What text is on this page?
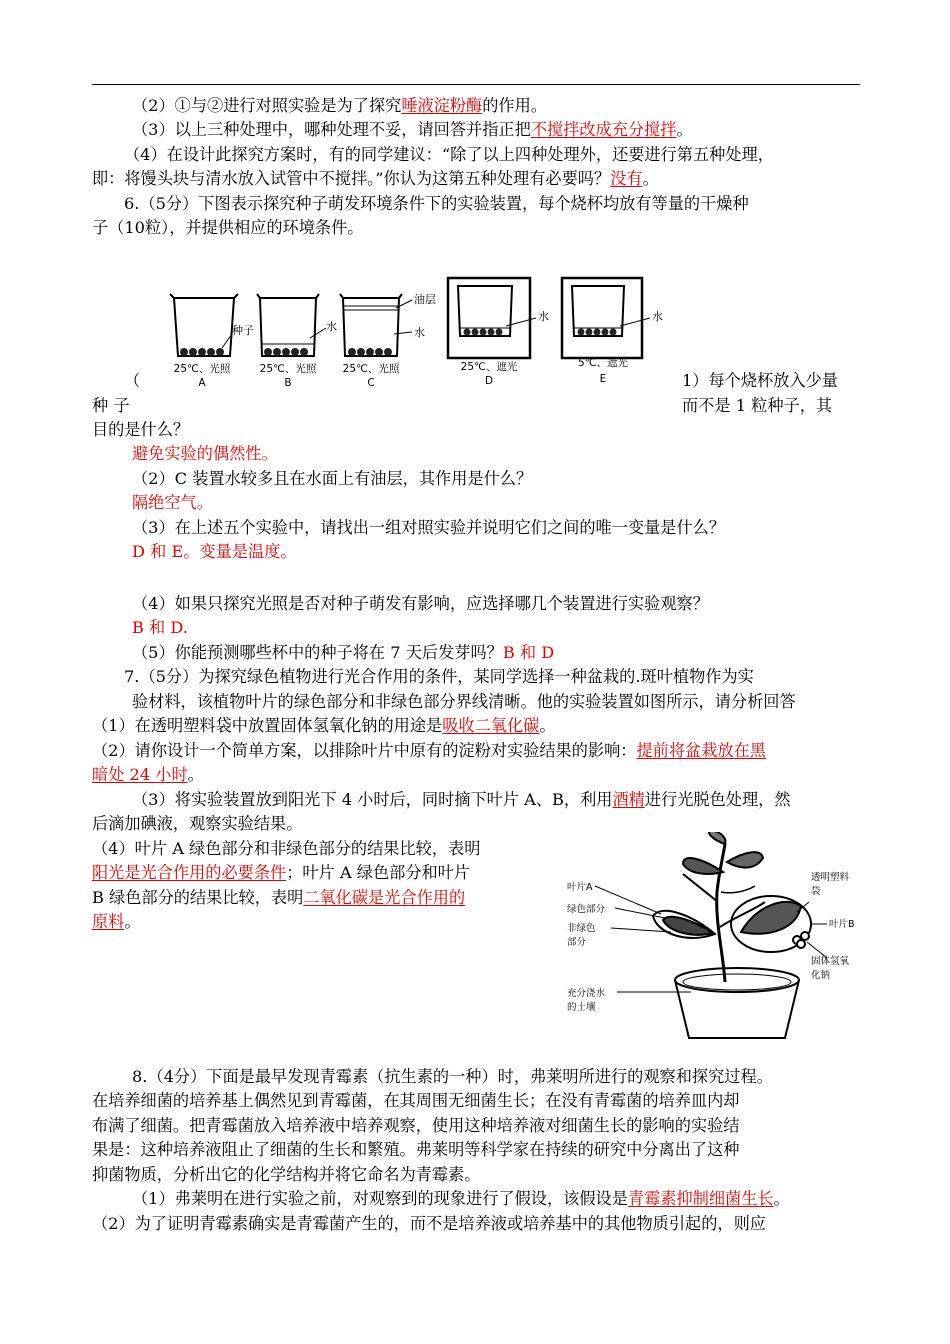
（2）①与②进行对照实验是为了探究唾液淀粉酶的作用。
（3）以上三种处理中，哪种处理不妥，请回答并指正把不搅拌改成充分搅拌。
（4）在设计此探究方案时，有的同学建议：“除了以上四种处理外，还要进行第五种处理，
即：将馒头块与清水放入试管中不搅拌。”你认为这第五种处理有必要吗？没有。
6.（5分）下图表示探究种子萌发环境条件下的实验装置，每个烧杯均放有等量的干燥种
子（10粒），并提供相应的环境条件。
种子	水
油层
水
水	水
25℃、光照
A
25℃、光照
B
25℃、光照
C
25℃、遮光
D
5℃、遮光
E
（	1）每个烧杯放入少量
种 子	而不是 1 粒种子，其
目的是什么？
避免实验的偶然性。
（2）C 装置水较多且在水面上有油层，其作用是什么？
隔绝空气。
（3）在上述五个实验中，请找出一组对照实验并说明它们之间的唯一变量是什么？
D 和 E。变量是温度。
（4）如果只探究光照是否对种子萌发有影响，应选择哪几个装置进行实验观察？
B 和 D.
（5）你能预测哪些杯中的种子将在 7 天后发芽吗？B 和 D
7.（5分）为探究绿色植物进行光合作用的条件，某同学选择一种盆栽的.斑叶植物作为实
验材料，该植物叶片的绿色部分和非绿色部分界线清晰。他的实验装置如图所示，请分析回答
（1）在透明塑料袋中放置固体氢氧化钠的用途是吸收二氧化碳。
（2）请你设计一个简单方案，以排除叶片中原有的淀粉对实验结果的影响：提前将盆栽放在黑
暗处 24 小时。
（3）将实验装置放到阳光下 4 小时后，同时摘下叶片 A、B，利用酒精进行光脱色处理，然
后滴加碘液，观察实验结果。
（4）叶片 A 绿色部分和非绿色部分的结果比较，表明
阳光是光合作用的必要条件；叶片 A 绿色部分和叶片
B 绿色部分的结果比较，表明二氧化碳是光合作用的
原料。
叶片A
绿色部分
非绿色
部分
透明塑料
袋
叶片B
固体氢氧
化钠
充分浇水
的土壤
8.（4分）下面是最早发现青霉素（抗生素的一种）时，弗莱明所进行的观察和探究过程。
在培养细菌的培养基上偶然见到青霉菌，在其周围无细菌生长；在没有青霉菌的培养皿内却
布满了细菌。把青霉菌放入培养液中培养观察，使用这种培养液对细菌生长的影响的实验结
果是：这种培养液阻止了细菌的生长和繁殖。弗莱明等科学家在持续的研究中分离出了这种
抑菌物质，分析出它的化学结构并将它命名为青霉素。
（1）弗莱明在进行实验之前，对观察到的现象进行了假设，该假设是青霉素抑制细菌生长。
（2）为了证明青霉素确实是青霉菌产生的，而不是培养液或培养基中的其他物质引起的，则应
